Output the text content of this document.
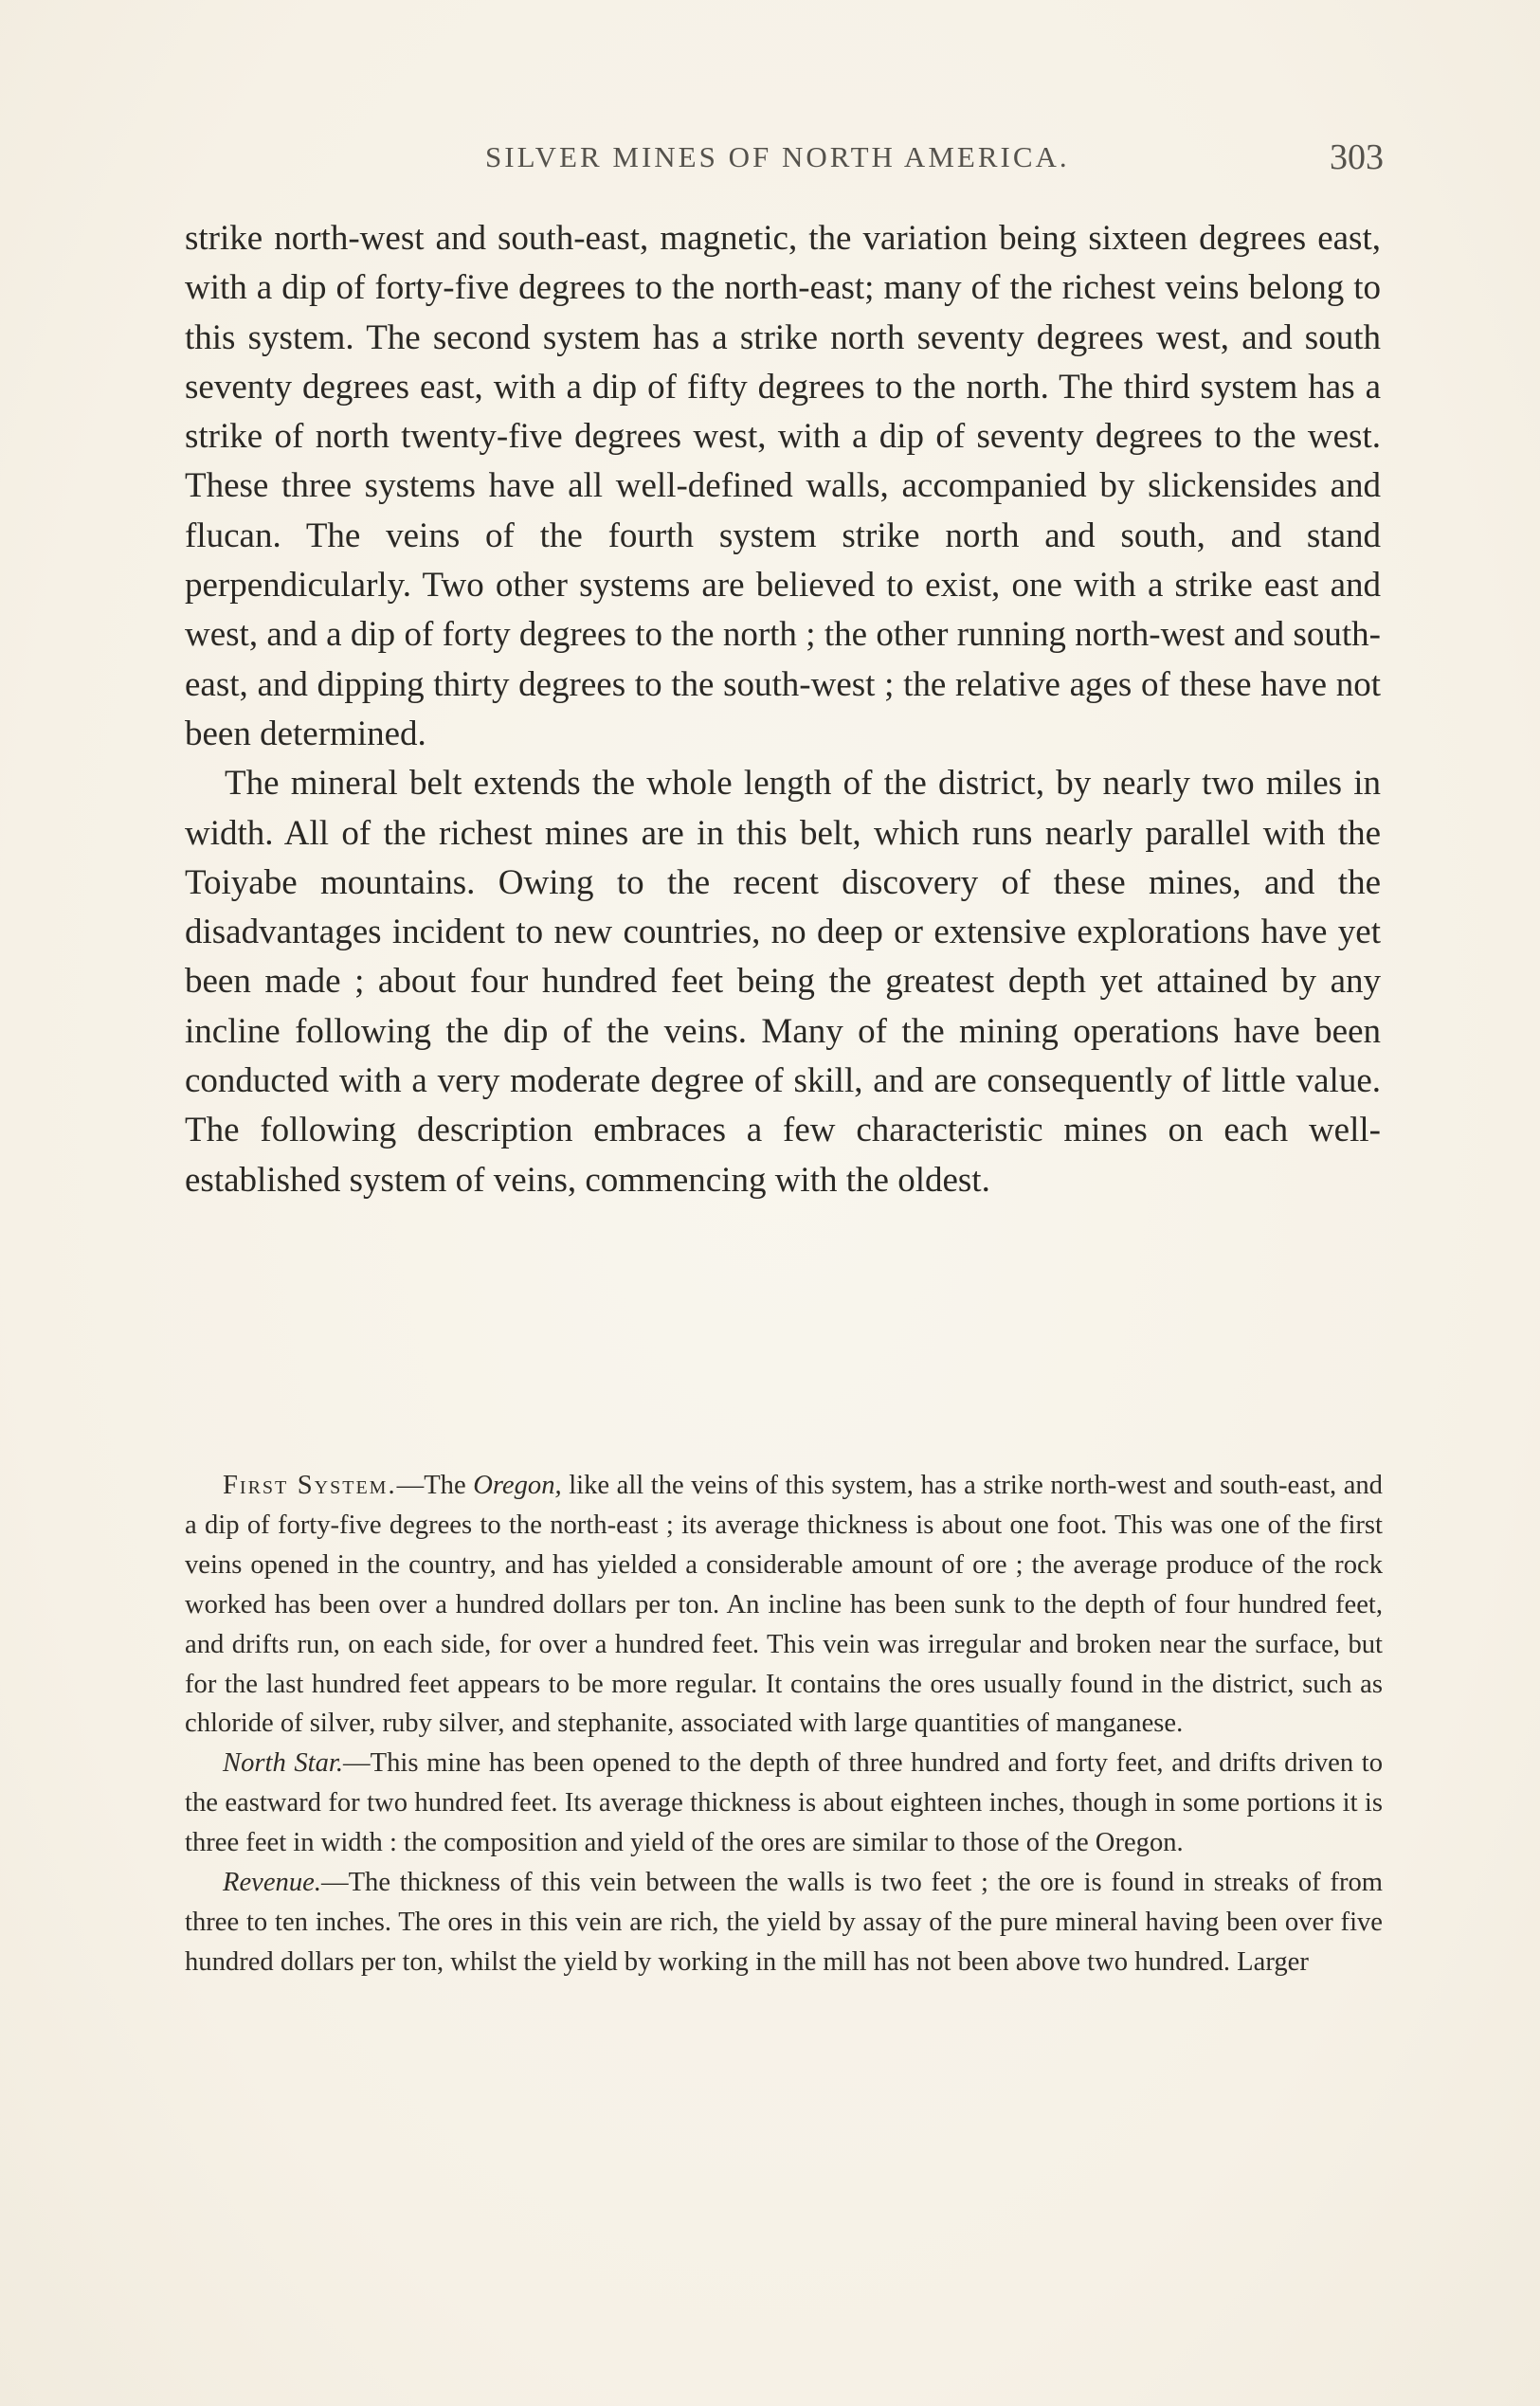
SILVER MINES OF NORTH AMERICA.	303

strike north-west and south-east, magnetic, the variation being sixteen degrees east, with a dip of forty-five degrees to the north-east; many of the richest veins belong to this system. The second system has a strike north seventy degrees west, and south seventy degrees east, with a dip of fifty degrees to the north. The third system has a strike of north twenty-five degrees west, with a dip of seventy degrees to the west. These three systems have all well-defined walls, accompanied by slickensides and flucan. The veins of the fourth system strike north and south, and stand perpendicularly. Two other systems are believed to exist, one with a strike east and west, and a dip of forty degrees to the north ; the other running north-west and south-east, and dipping thirty degrees to the south-west ; the relative ages of these have not been determined.

The mineral belt extends the whole length of the district, by nearly two miles in width. All of the richest mines are in this belt, which runs nearly parallel with the Toiyabe mountains. Owing to the recent discovery of these mines, and the disadvantages incident to new countries, no deep or extensive explorations have yet been made ; about four hundred feet being the greatest depth yet attained by any incline following the dip of the veins. Many of the mining operations have been conducted with a very moderate degree of skill, and are consequently of little value. The following description embraces a few characteristic mines on each well-established system of veins, commencing with the oldest.

First System.—The Oregon, like all the veins of this system, has a strike north-west and south-east, and a dip of forty-five degrees to the north-east ; its average thickness is about one foot. This was one of the first veins opened in the country, and has yielded a considerable amount of ore ; the average produce of the rock worked has been over a hundred dollars per ton. An incline has been sunk to the depth of four hundred feet, and drifts run, on each side, for over a hundred feet. This vein was irregular and broken near the surface, but for the last hundred feet appears to be more regular. It contains the ores usually found in the district, such as chloride of silver, ruby silver, and stephanite, associated with large quantities of manganese.

North Star.—This mine has been opened to the depth of three hundred and forty feet, and drifts driven to the eastward for two hundred feet. Its average thickness is about eighteen inches, though in some portions it is three feet in width : the composition and yield of the ores are similar to those of the Oregon.

Revenue.—The thickness of this vein between the walls is two feet ; the ore is found in streaks of from three to ten inches. The ores in this vein are rich, the yield by assay of the pure mineral having been over five hundred dollars per ton, whilst the yield by working in the mill has not been above two hundred. Larger
